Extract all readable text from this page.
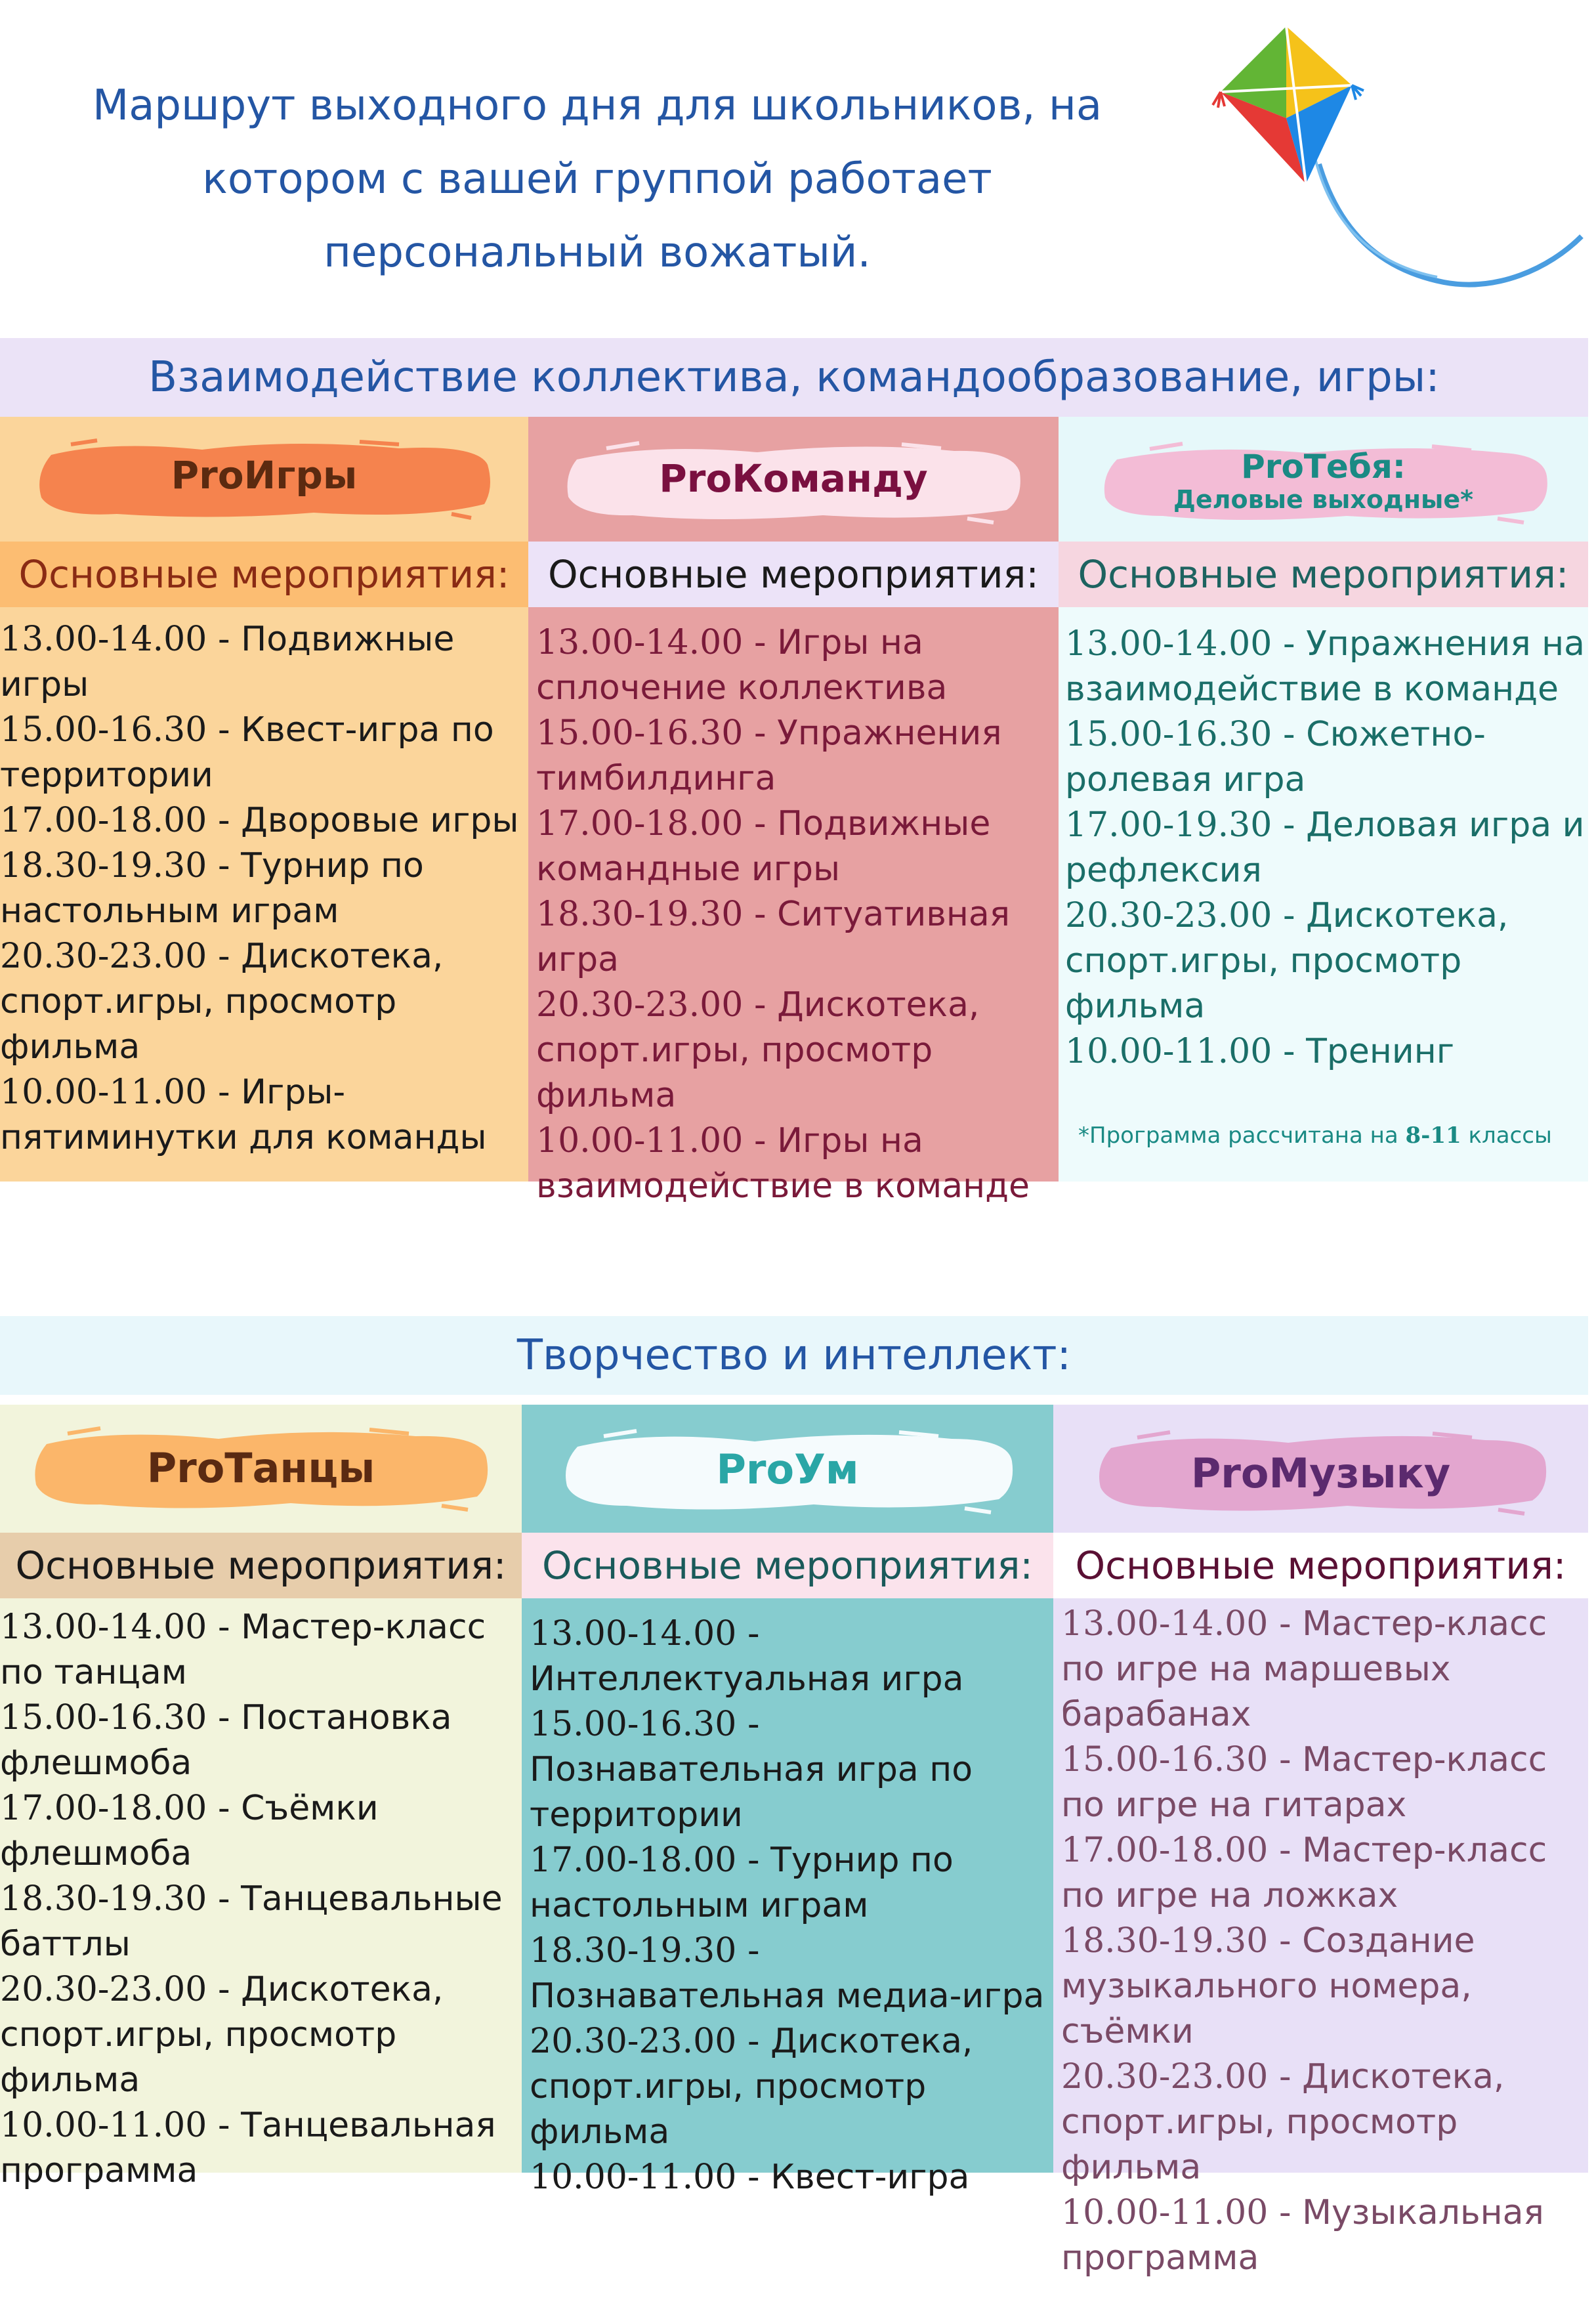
Маршрут выходного дня для школьников, на
котором с вашей группой работает
персональный вожатый.
Взаимодействие коллектива, командообразование, игры:
ProИгры
Основные мероприятия:
13.00-14.00 - Подвижные игры
15.00-16.30 - Квест-игра по территории
17.00-18.00 - Дворовые игры
18.30-19.30 - Турнир по настольным играм
20.30-23.00 - Дискотека, спорт.игры, просмотр фильма
10.00-11.00 - Игры-пятиминутки для команды
ProКоманду
Основные мероприятия:
13.00-14.00 - Игры на сплочение коллектива
15.00-16.30 - Упражнения тимбилдинга
17.00-18.00 - Подвижные командные игры
18.30-19.30 - Ситуативная игра
20.30-23.00 - Дискотека, спорт.игры, просмотр фильма
10.00-11.00 - Игры на взаимодействие в команде
ProТебя:
Деловые выходные*
Основные мероприятия:
13.00-14.00 - Упражнения на взаимодействие в команде
15.00-16.30 - Сюжетно-ролевая игра
17.00-19.30 - Деловая игра и рефлексия
20.30-23.00 - Дискотека, спорт.игры, просмотр фильма
10.00-11.00 - Тренинг
*Программа рассчитана на 8-11 классы
Творчество и интеллект:
ProТанцы
Основные мероприятия:
13.00-14.00 - Мастер-класс по танцам
15.00-16.30 - Постановка флешмоба
17.00-18.00 - Съёмки флешмоба
18.30-19.30 - Танцевальные баттлы
20.30-23.00 - Дискотека, спорт.игры, просмотр фильма
10.00-11.00 - Танцевальная программа
ProУм
Основные мероприятия:
13.00-14.00 - Интеллектуальная игра
15.00-16.30 - Познавательная игра по территории
17.00-18.00 - Турнир по настольным играм
18.30-19.30 - Познавательная медиа-игра
20.30-23.00 - Дискотека, спорт.игры, просмотр фильма
10.00-11.00 - Квест-игра
ProМузыку
Основные мероприятия:
13.00-14.00 - Мастер-класс по игре на маршевых барабанах
15.00-16.30 - Мастер-класс по игре на гитарах
17.00-18.00 - Мастер-класс по игре на ложках
18.30-19.30 - Создание музыкального номера, съёмки
20.30-23.00 - Дискотека, спорт.игры, просмотр фильма
10.00-11.00 - Музыкальная программа
